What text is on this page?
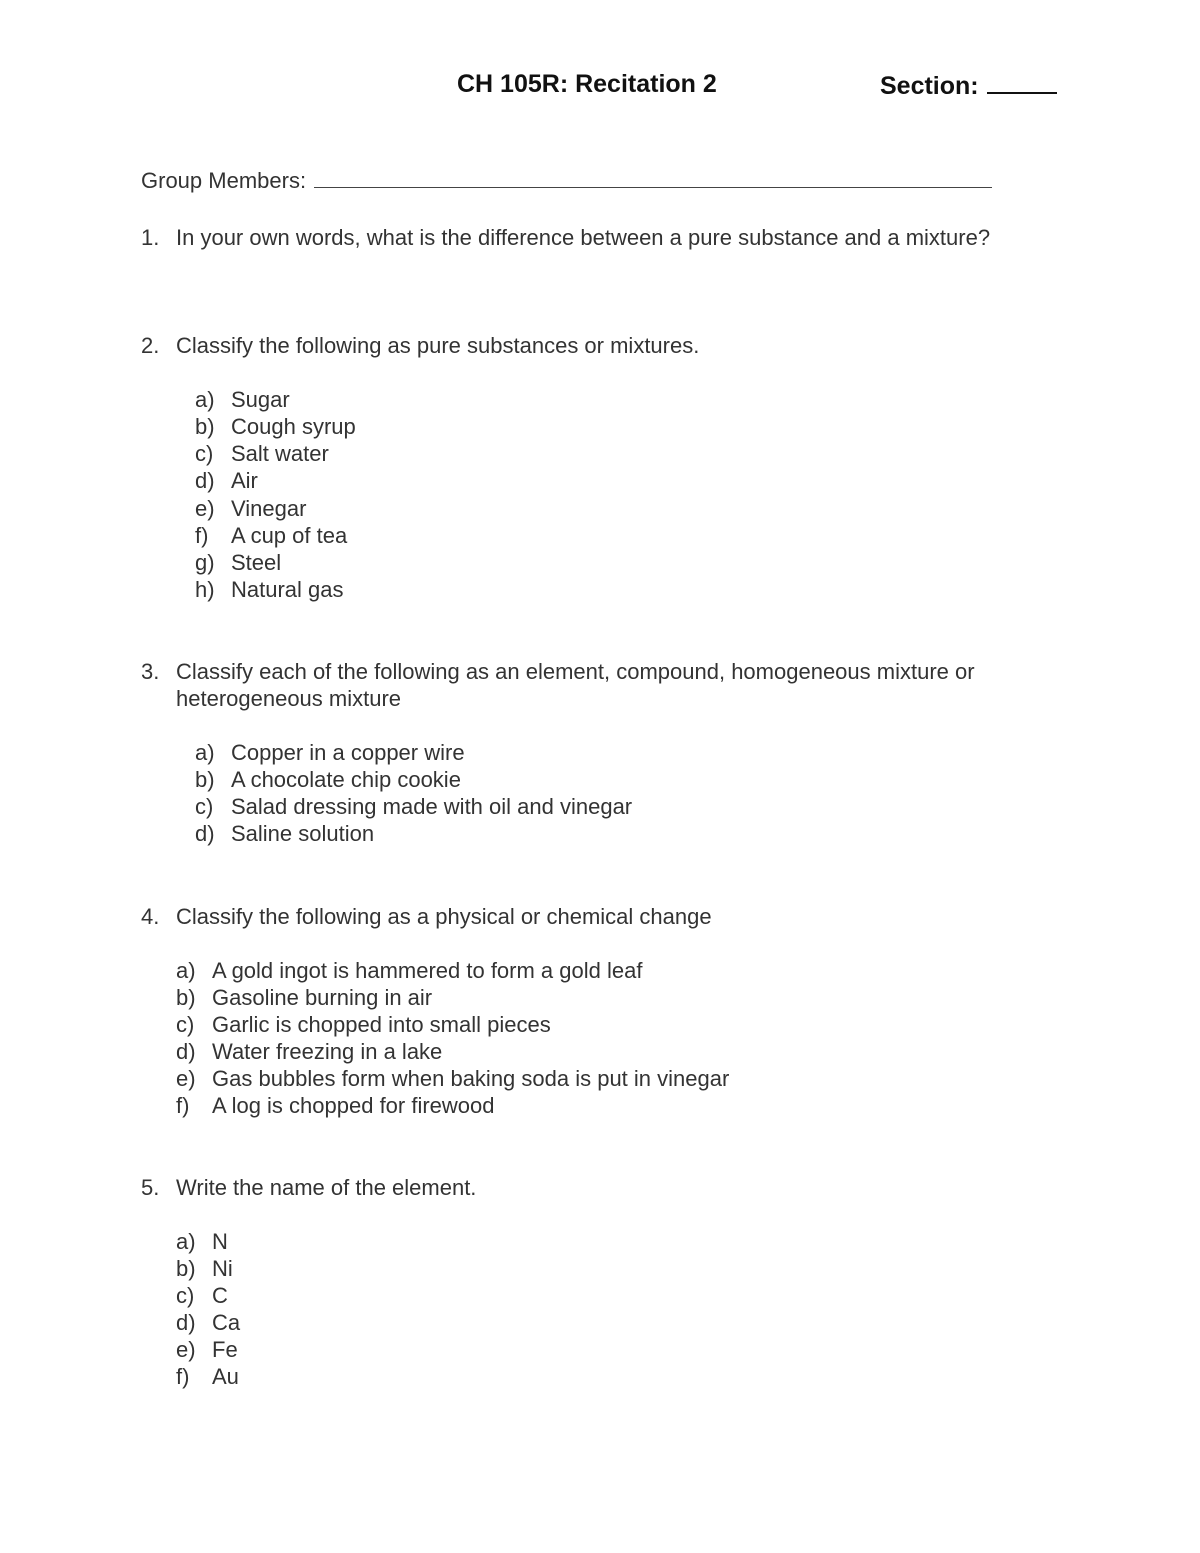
CH 105R: Recitation 2	Section:
Group Members:
1. In your own words, what is the difference between a pure substance and a mixture?
2. Classify the following as pure substances or mixtures.
a) Sugar
b) Cough syrup
c) Salt water
d) Air
e) Vinegar
f) A cup of tea
g) Steel
h) Natural gas
3. Classify each of the following as an element, compound, homogeneous mixture or heterogeneous mixture
a) Copper in a copper wire
b) A chocolate chip cookie
c) Salad dressing made with oil and vinegar
d) Saline solution
4. Classify the following as a physical or chemical change
a) A gold ingot is hammered to form a gold leaf
b) Gasoline burning in air
c) Garlic is chopped into small pieces
d) Water freezing in a lake
e) Gas bubbles form when baking soda is put in vinegar
f) A log is chopped for firewood
5. Write the name of the element.
a) N
b) Ni
c) C
d) Ca
e) Fe
f) Au
